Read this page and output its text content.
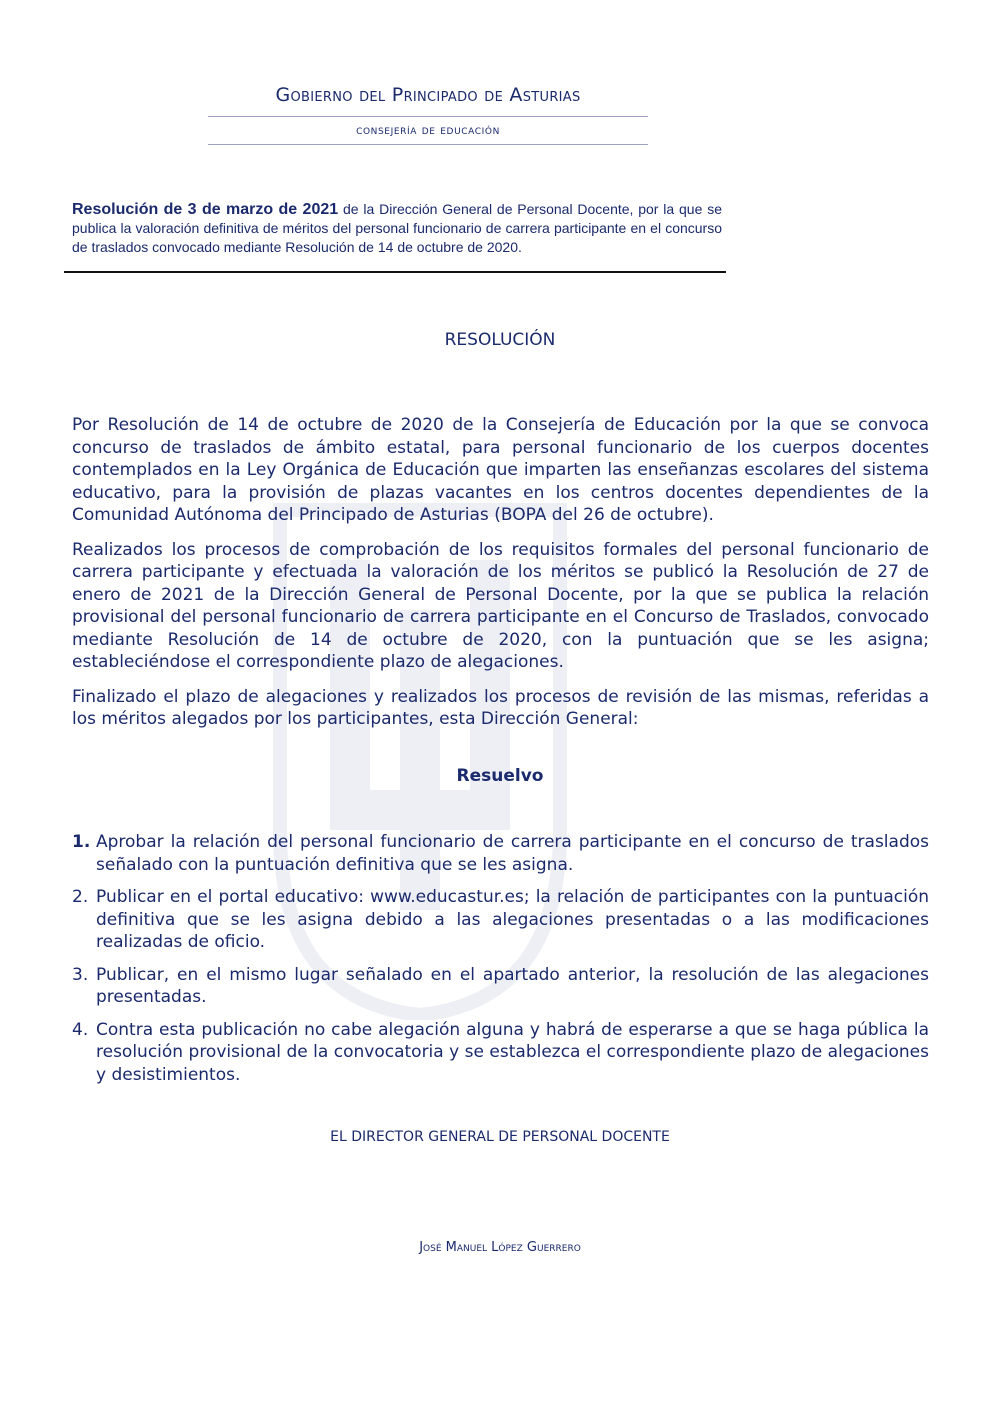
Gobierno del Principado de Asturias

consejería de educación

Resolución de 3 de marzo de 2021 de la Dirección General de Personal Docente, por la que se publica la valoración definitiva de méritos del personal funcionario de carrera participante en el concurso de traslados convocado mediante Resolución de 14 de octubre de 2020.
RESOLUCIÓN

Por Resolución de 14 de octubre de 2020 de la Consejería de Educación por la que se convoca concurso de traslados de ámbito estatal, para personal funcionario de los cuerpos docentes contemplados en la Ley Orgánica de Educación que imparten las enseñanzas escolares del sistema educativo, para la provisión de plazas vacantes en los centros docentes dependientes de la Comunidad Autónoma del Principado de Asturias (BOPA del 26 de octubre).

Realizados los procesos de comprobación de los requisitos formales del personal funcionario de carrera participante y efectuada la valoración de los méritos se publicó la Resolución de 27 de enero de 2021 de la Dirección General de Personal Docente, por la que se publica la relación provisional del personal funcionario de carrera participante en el Concurso de Traslados, convocado mediante Resolución de 14 de octubre de 2020, con la puntuación que se les asigna; estableciéndose el correspondiente plazo de alegaciones.

Finalizado el plazo de alegaciones y realizados los procesos de revisión de las mismas, referidas a los méritos alegados por los participantes, esta Dirección General:

Resuelvo
1. Aprobar la relación del personal funcionario de carrera participante en el concurso de traslados señalado con la puntuación definitiva que se les asigna.
2. Publicar en el portal educativo: www.educastur.es; la relación de participantes con la puntuación definitiva que se les asigna debido a las alegaciones presentadas o a las modificaciones realizadas de oficio.
3. Publicar, en el mismo lugar señalado en el apartado anterior, la resolución de las alegaciones presentadas.
4. Contra esta publicación no cabe alegación alguna y habrá de esperarse a que se haga pública la resolución provisional de la convocatoria y se establezca el correspondiente plazo de alegaciones y desistimientos.
EL DIRECTOR GENERAL DE PERSONAL DOCENTE
José Manuel López Guerrero
